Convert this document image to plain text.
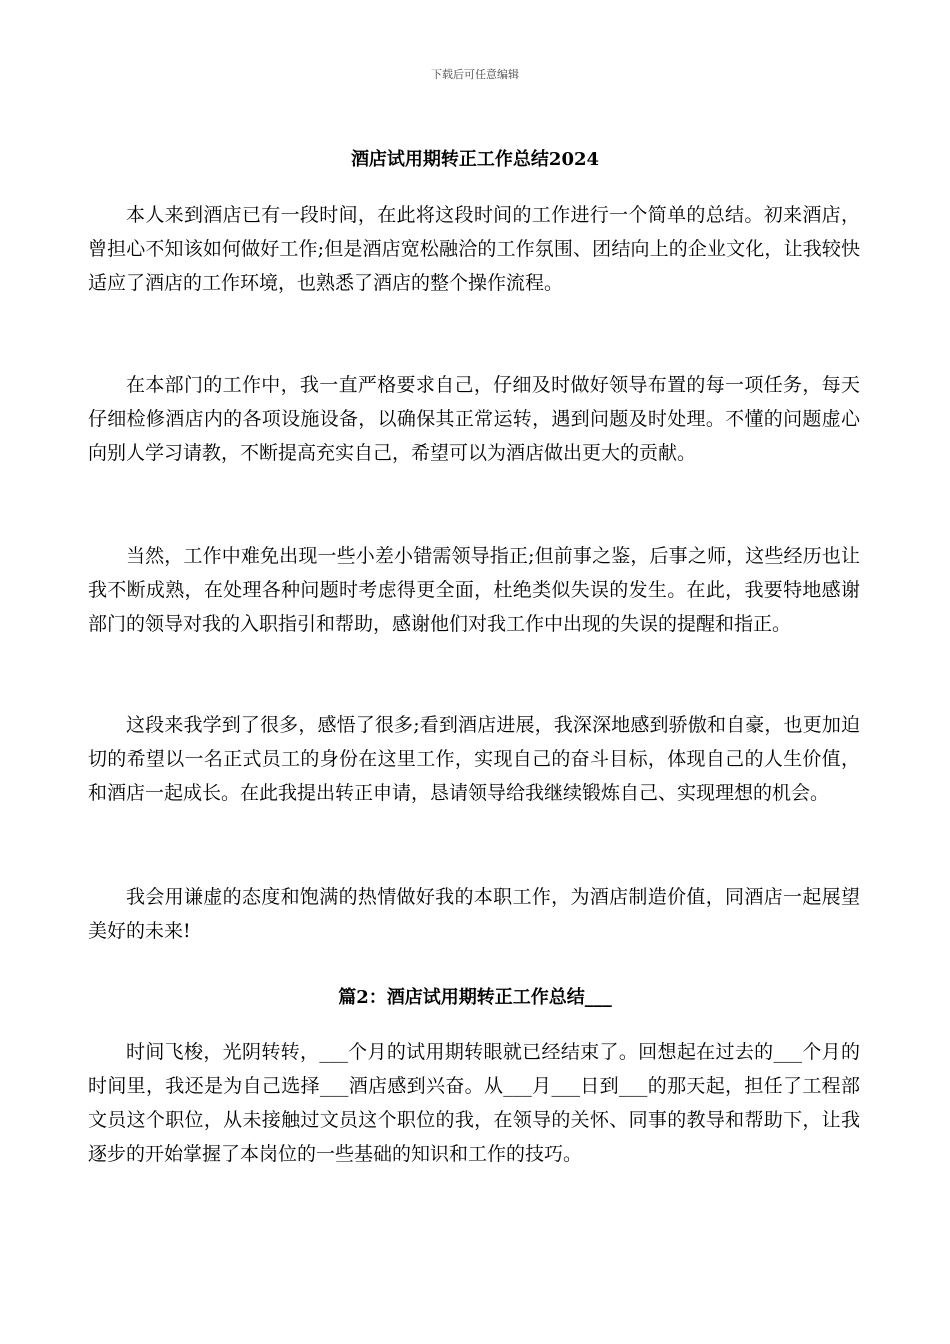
下载后可任意编辑
酒店试用期转正工作总结2024

本人来到酒店已有一段时间，在此将这段时间的工作进行一个简单的总结。初来酒店，曾担心不知该如何做好工作;但是酒店宽松融洽的工作氛围、团结向上的企业文化，让我较快适应了酒店的工作环境，也熟悉了酒店的整个操作流程。

在本部门的工作中，我一直严格要求自己，仔细及时做好领导布置的每一项任务，每天仔细检修酒店内的各项设施设备，以确保其正常运转，遇到问题及时处理。不懂的问题虚心向别人学习请教，不断提高充实自己，希望可以为酒店做出更大的贡献。

当然，工作中难免出现一些小差小错需领导指正;但前事之鉴，后事之师，这些经历也让我不断成熟，在处理各种问题时考虑得更全面，杜绝类似失误的发生。在此，我要特地感谢部门的领导对我的入职指引和帮助，感谢他们对我工作中出现的失误的提醒和指正。

这段来我学到了很多，感悟了很多;看到酒店进展，我深深地感到骄傲和自豪，也更加迫切的希望以一名正式员工的身份在这里工作，实现自己的奋斗目标，体现自己的人生价值，和酒店一起成长。在此我提出转正申请，恳请领导给我继续锻炼自己、实现理想的机会。

我会用谦虚的态度和饱满的热情做好我的本职工作，为酒店制造价值，同酒店一起展望美好的未来!

篇2：酒店试用期转正工作总结___

时间飞梭，光阴转转，___个月的试用期转眼就已经结束了。回想起在过去的___个月的时间里，我还是为自己选择___酒店感到兴奋。从___月___日到___的那天起，担任了工程部文员这个职位，从未接触过文员这个职位的我，在领导的关怀、同事的教导和帮助下，让我逐步的开始掌握了本岗位的一些基础的知识和工作的技巧。
